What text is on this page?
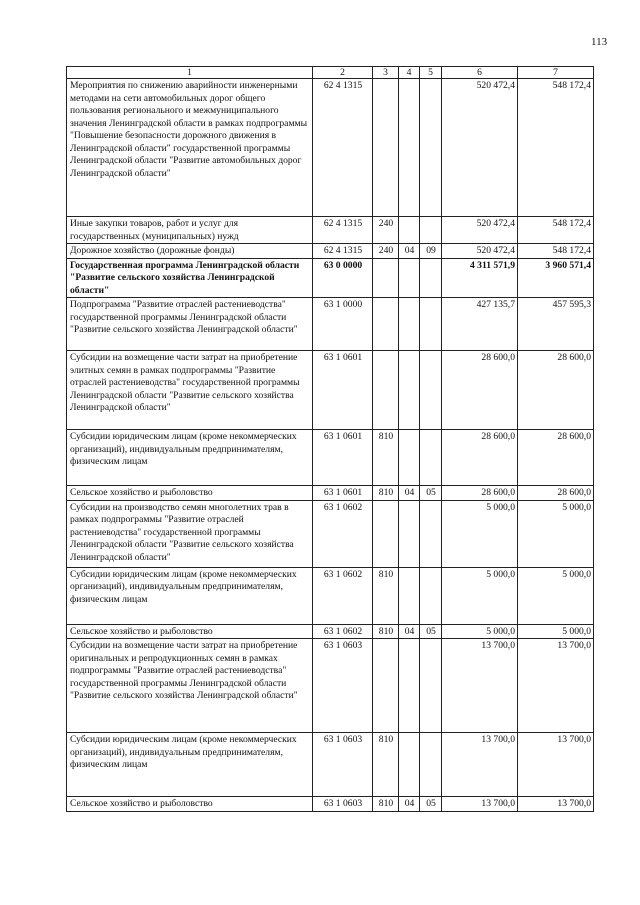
113
1	2	3	4	5	6	7
Мероприятия по снижению аварийности инженерными методами на сети автомобильных дорог общего пользования регионального и межмуниципального значения Ленинградской области в рамках подпрограммы "Повышение безопасности дорожного движения в Ленинградской области" государственной программы Ленинградской области "Развитие автомобильных дорог Ленинградской области"	62 4 1315				520 472,4	548 172,4
Иные закупки товаров, работ и услуг для государственных (муниципальных) нужд	62 4 1315	240			520 472,4	548 172,4
Дорожное хозяйство (дорожные фонды)	62 4 1315	240	04	09	520 472,4	548 172,4
Государственная программа Ленинградской области "Развитие сельского хозяйства Ленинградской области"	63 0 0000				4 311 571,9	3 960 571,4
Подпрограмма "Развитие отраслей растениеводства" государственной программы Ленинградской области "Развитие сельского хозяйства Ленинградской области"	63 1 0000				427 135,7	457 595,3
Субсидии на возмещение части затрат на приобретение элитных семян в рамках подпрограммы "Развитие отраслей растениеводства" государственной программы Ленинградской области "Развитие сельского хозяйства Ленинградской области"	63 1 0601				28 600,0	28 600,0
Субсидии юридическим лицам (кроме некоммерческих организаций), индивидуальным предпринимателям, физическим лицам	63 1 0601	810			28 600,0	28 600,0
Сельское хозяйство и рыболовство	63 1 0601	810	04	05	28 600,0	28 600,0
Субсидии на производство семян многолетних трав в рамках подпрограммы "Развитие отраслей растениеводства" государственной программы Ленинградской области "Развитие сельского хозяйства Ленинградской области"	63 1 0602				5 000,0	5 000,0
Субсидии юридическим лицам (кроме некоммерческих организаций), индивидуальным предпринимателям, физическим лицам	63 1 0602	810			5 000,0	5 000,0
Сельское хозяйство и рыболовство	63 1 0602	810	04	05	5 000,0	5 000,0
Субсидии на возмещение части затрат на приобретение оригинальных и репродукционных семян в рамках подпрограммы "Развитие отраслей растениеводства" государственной программы Ленинградской области "Развитие сельского хозяйства Ленинградской области"	63 1 0603				13 700,0	13 700,0
Субсидии юридическим лицам (кроме некоммерческих организаций), индивидуальным предпринимателям, физическим лицам	63 1 0603	810			13 700,0	13 700,0
Сельское хозяйство и рыболовство	63 1 0603	810	04	05	13 700,0	13 700,0
